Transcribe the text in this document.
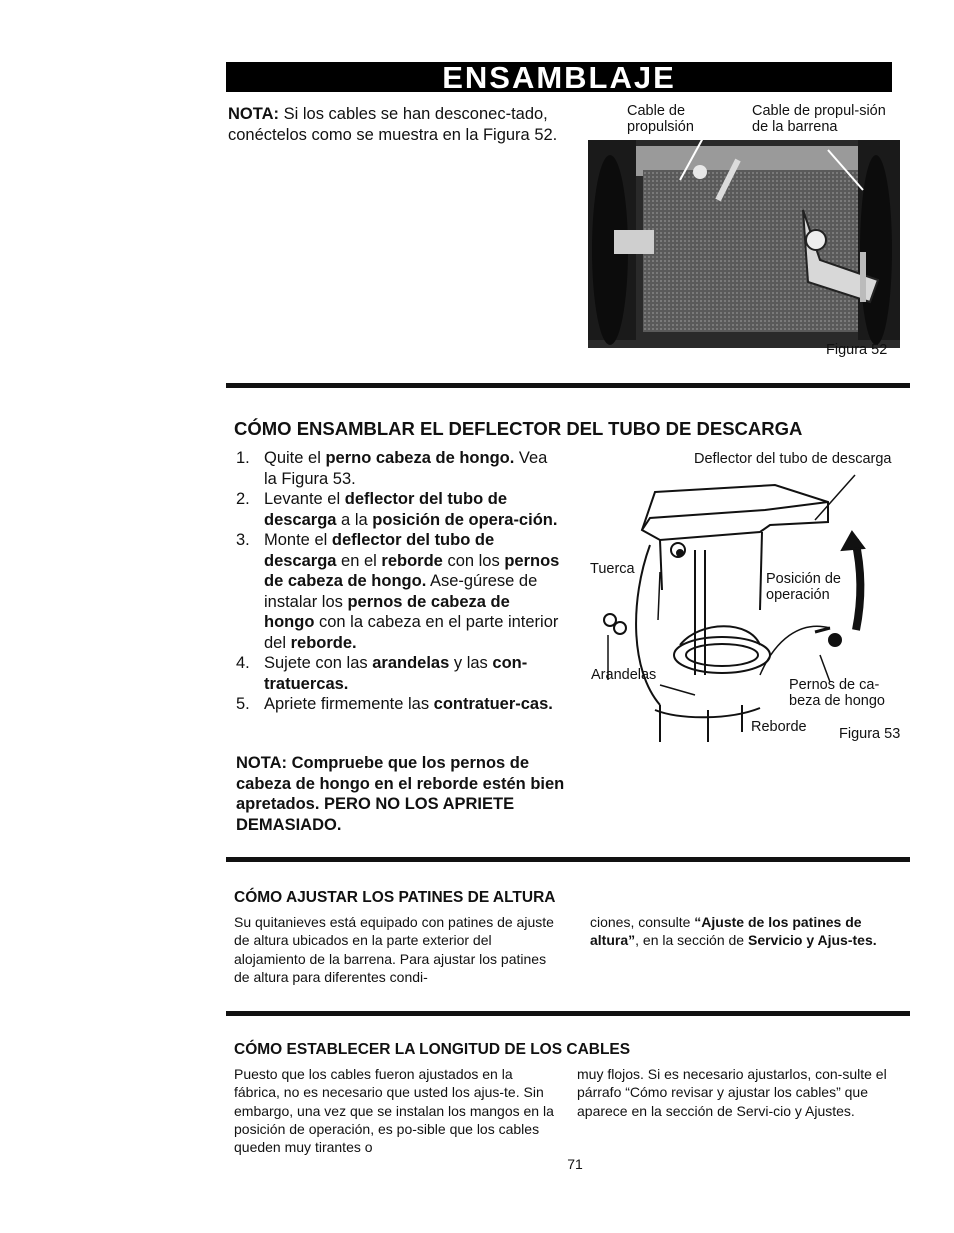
ENSAMBLAJE
NOTA: Si los cables se han desconec-tado, conéctelos como se muestra en la Figura 52.
Cable de propulsión
Cable de propul-sión de la barrena
Figura 52
CÓMO ENSAMBLAR EL DEFLECTOR DEL TUBO DE DESCARGA
1. Quite el perno cabeza de hongo. Vea la Figura 53.
2. Levante el deflector del tubo de descarga a la posición de opera-ción.
3. Monte el deflector del tubo de descarga en el reborde con los pernos de cabeza de hongo. Ase-gúrese de instalar los pernos de cabeza de hongo con la cabeza en el parte interior del reborde.
4. Sujete con las arandelas y las con-tratuercas.
5. Apriete firmemente las contratuer-cas.
NOTA: Compruebe que los pernos de cabeza de hongo en el reborde estén bien apretados. PERO NO LOS APRIETE DEMASIADO.
Deflector del tubo de descarga
Tuerca
Posición de operación
Arandelas
Pernos de ca-beza de hongo
Reborde	Figura 53
CÓMO AJUSTAR LOS PATINES DE ALTURA
Su quitanieves está equipado con patines de ajuste de altura ubicados en la parte exterior del alojamiento de la barrena. Para ajustar los patines de altura para diferentes condi-
ciones, consulte “Ajuste de los patines de altura”, en la sección de Servicio y Ajus-tes.
CÓMO ESTABLECER LA LONGITUD DE LOS CABLES
Puesto que los cables fueron ajustados en la fábrica, no es necesario que usted los ajus-te. Sin embargo, una vez que se instalan los mangos en la posición de operación, es po-sible que los cables queden muy tirantes o
muy flojos. Si es necesario ajustarlos, con-sulte el párrafo “Cómo revisar y ajustar los cables” que aparece en la sección de Servi-cio y Ajustes.
71
